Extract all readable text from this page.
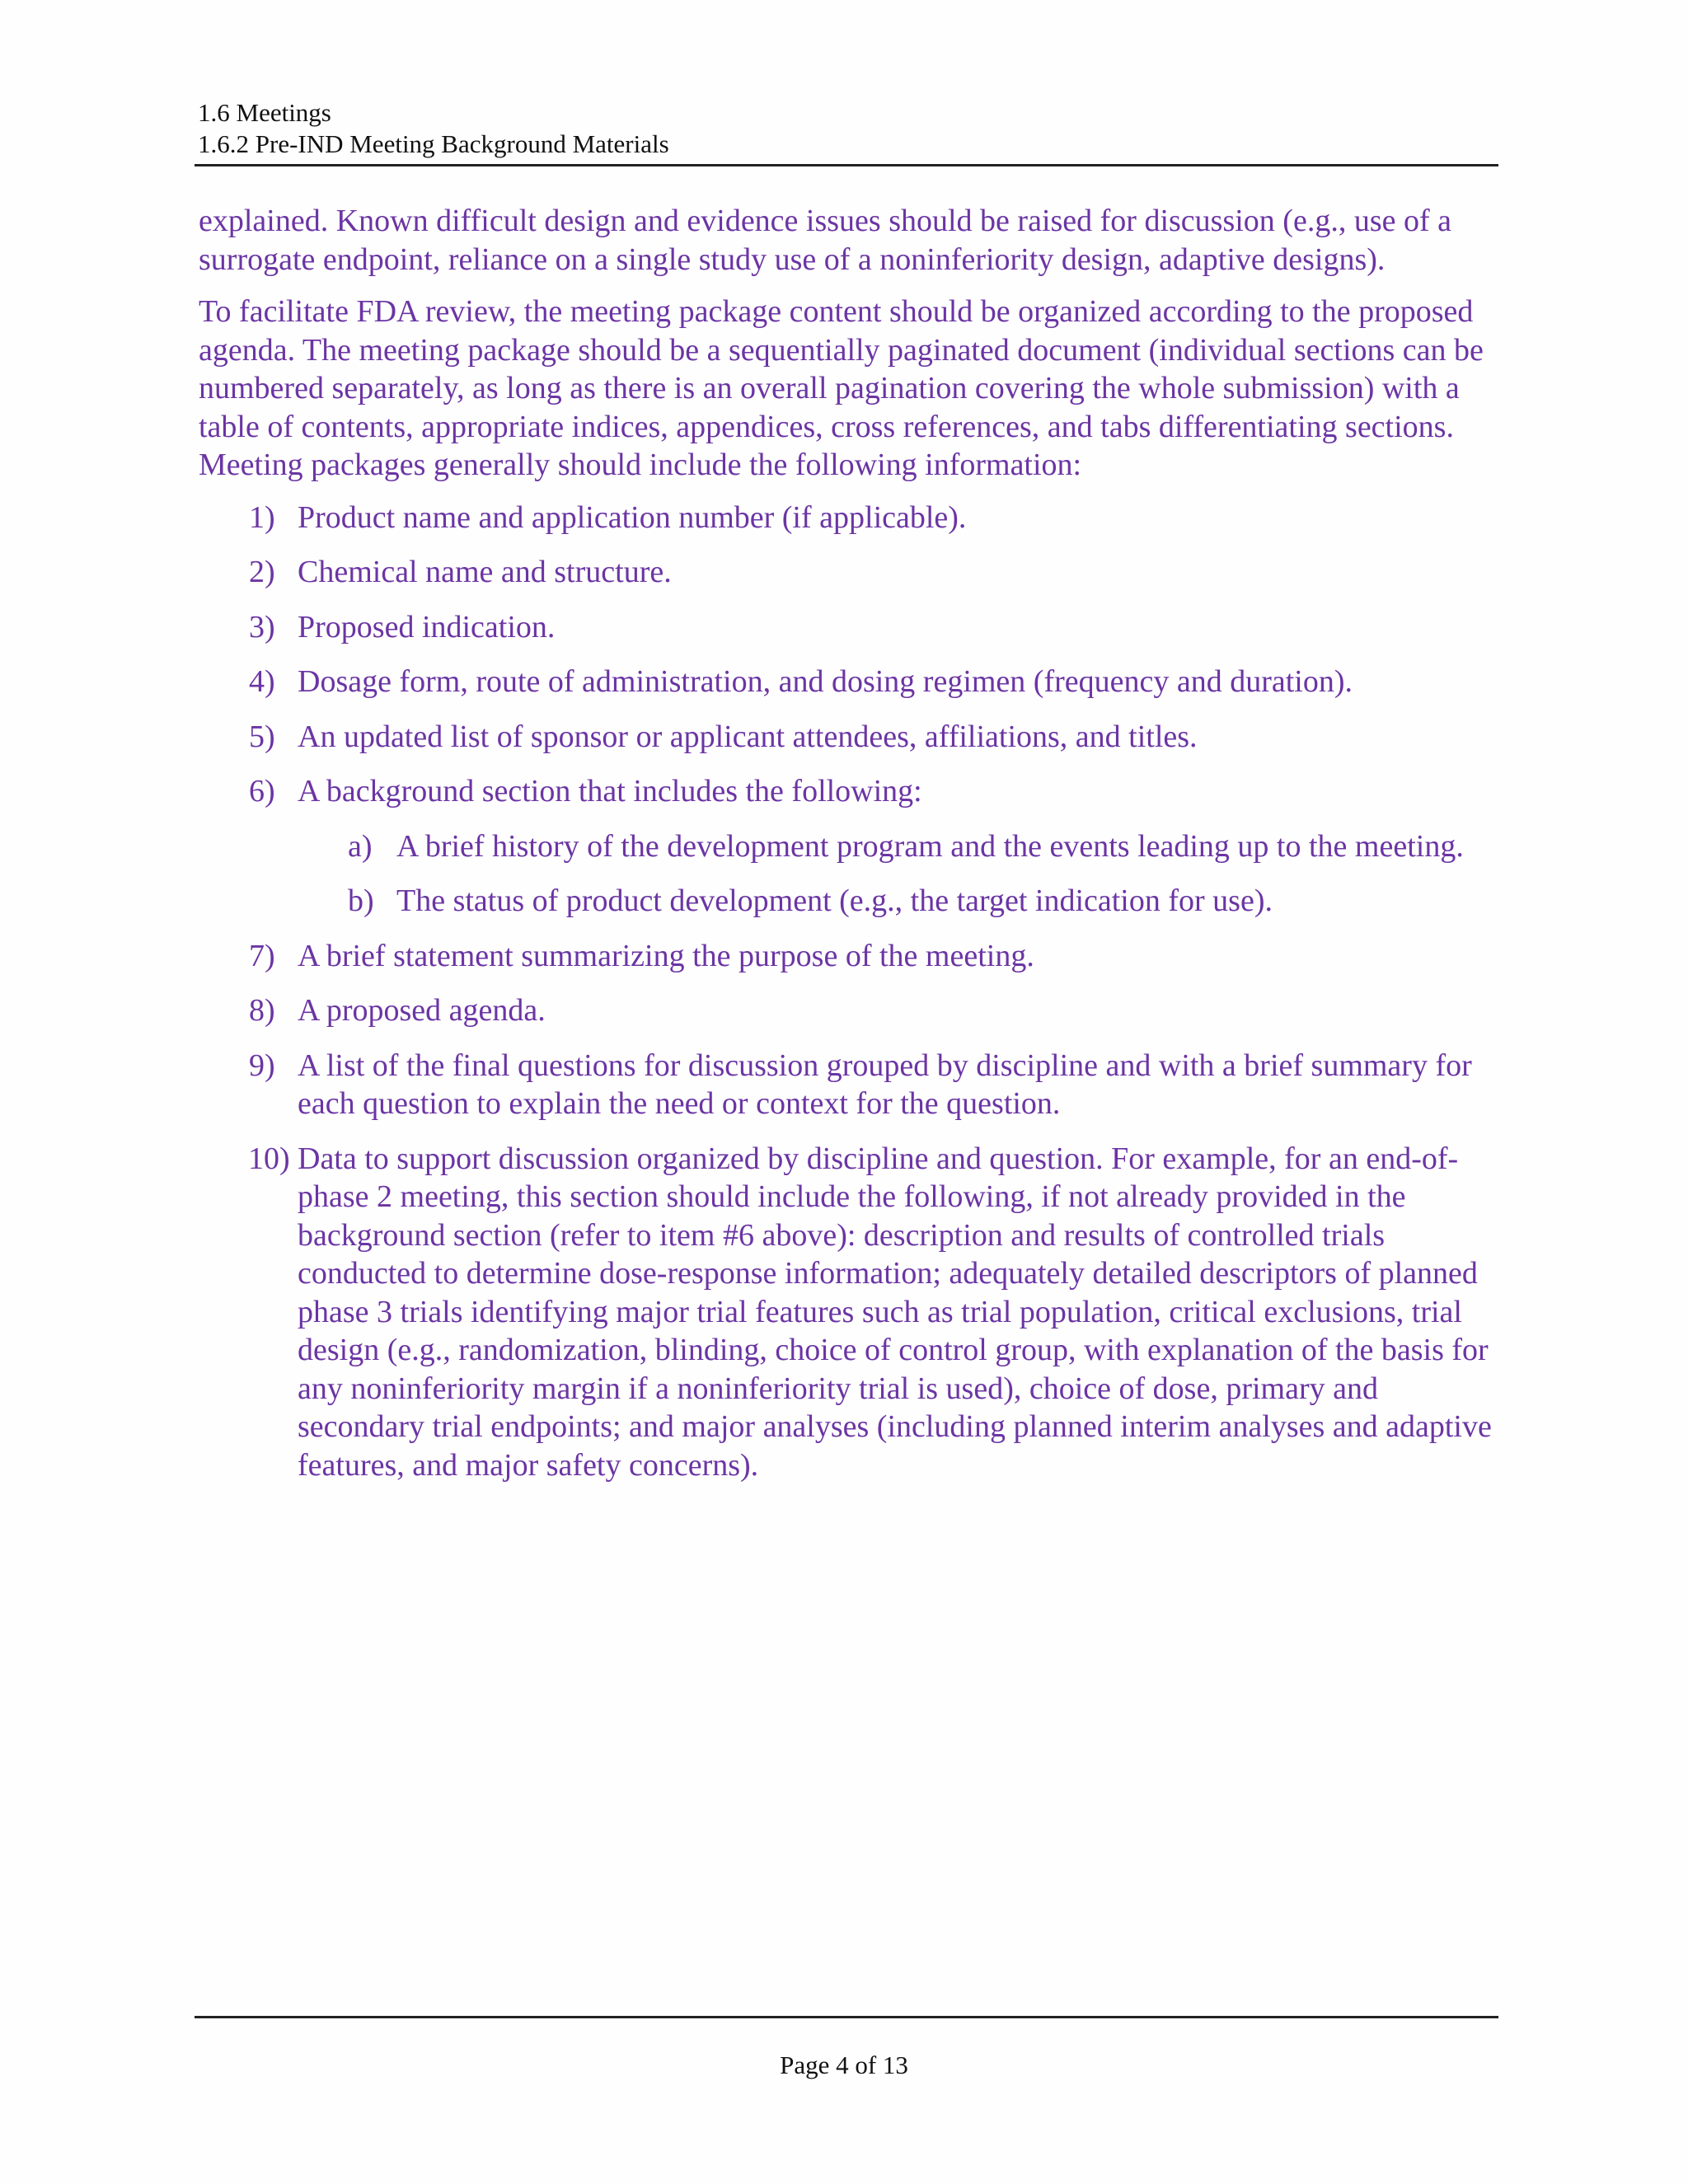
1.6 Meetings
1.6.2 Pre-IND Meeting Background Materials

explained. Known difficult design and evidence issues should be raised for discussion (e.g., use of a surrogate endpoint, reliance on a single study use of a noninferiority design, adaptive designs).

To facilitate FDA review, the meeting package content should be organized according to the proposed agenda. The meeting package should be a sequentially paginated document (individual sections can be numbered separately, as long as there is an overall pagination covering the whole submission) with a table of contents, appropriate indices, appendices, cross references, and tabs differentiating sections. Meeting packages generally should include the following information:

1) Product name and application number (if applicable).
2) Chemical name and structure.
3) Proposed indication.
4) Dosage form, route of administration, and dosing regimen (frequency and duration).
5) An updated list of sponsor or applicant attendees, affiliations, and titles.
6) A background section that includes the following:
a) A brief history of the development program and the events leading up to the meeting.
b) The status of product development (e.g., the target indication for use).
7) A brief statement summarizing the purpose of the meeting.
8) A proposed agenda.
9) A list of the final questions for discussion grouped by discipline and with a brief summary for each question to explain the need or context for the question.
10) Data to support discussion organized by discipline and question. For example, for an end-of-phase 2 meeting, this section should include the following, if not already provided in the background section (refer to item #6 above): description and results of controlled trials conducted to determine dose-response information; adequately detailed descriptors of planned phase 3 trials identifying major trial features such as trial population, critical exclusions, trial design (e.g., randomization, blinding, choice of control group, with explanation of the basis for any noninferiority margin if a noninferiority trial is used), choice of dose, primary and secondary trial endpoints; and major analyses (including planned interim analyses and adaptive features, and major safety concerns).
Page 4 of 13
